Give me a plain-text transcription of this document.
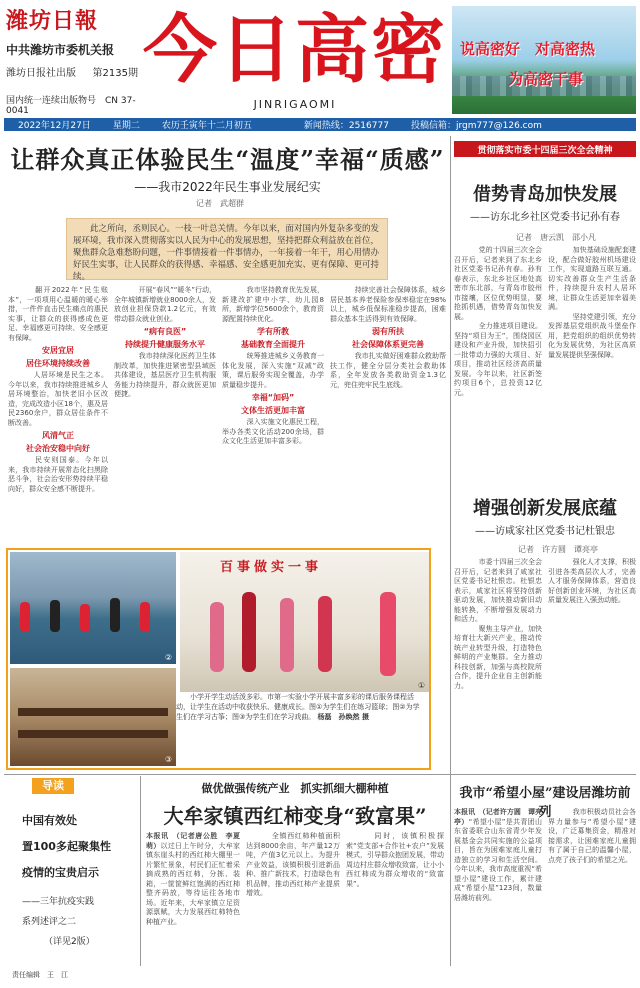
潍坊日報
中共潍坊市委机关报
潍坊日报社出版 第2135期
国内统一连续出版物号　CN 37-0041
今日高密
JINRIGAOMI
说高密好　对高密热
为高密干事
2022年12月27日 星期二 农历壬寅年十二月初五	新闻热线：2516777 投稿信箱：jrgm777@126.com
让群众真正体验民生“温度”幸福“质感”
——我市2022年民生事业发展纪实
记者　武超群
　　此之所向，丞则民心。一枝一叶总关情。今年以来，面对国内外复杂多变的发展环境，我市深入贯彻落实以人民为中心的发展思想，坚持把群众利益放在首位，聚焦群众急难愁盼问题，一件事情接着一件事情办，一年接着一年干，用心用情办好民生实事，让人民群众的获得感、幸福感、安全感更加充实、更有保障、更可持续。

　　翻开2022年“民生账本”，一项项用心温暖的暖心举措，一件件直击民生痛点的惠民实事，让群众的获得感成色更足、幸福感更可持续、安全感更有保障。

安居宜居
居住环境持续改善

　　人居环境是民生之本。今年以来，我市持续推进城乡人居环境整治，加快老旧小区改造，完成改造小区18个，惠及居民2360余户，群众居住条件不断改善。

风清气正
社会治安稳中向好

　　民安则国泰。今年以来，我市持续开展常态化扫黑除恶斗争，社会治安形势持续平稳向好，群众安全感不断提升。

　　开展“春风”“暖冬”行动，全年城镇新增就业8000余人，发放创业担保贷款1.2亿元，有效带动群众就业创业。

“病有良医”
持续提升健康服务水平

　　我市持续深化医药卫生体制改革，加快推进紧密型县域医共体建设，基层医疗卫生机构服务能力持续提升，群众就医更加便捷。

　　我市坚持教育优先发展，新建改扩建中小学、幼儿园8所，新增学位5600余个，教育资源配置持续优化。

学有所教
基础教育全面提升

　　统筹推进城乡义务教育一体化发展，深入实施“双减”政策，课后服务实现全覆盖，办学质量稳步提升。

幸福“加码”
文体生活更加丰富

　　深入实施文化惠民工程，举办各类文化活动200余场，群众文化生活更加丰富多彩。

　　持续完善社会保障体系，城乡居民基本养老保险参保率稳定在98%以上，城乡低保标准稳步提高，困难群众基本生活得到有效保障。

弱有所扶
社会保障体系更完善

　　我市扎实做好困难群众救助帮扶工作，健全分层分类社会救助体系，全年发放各类救助资金1.3亿元，兜住兜牢民生底线。

②
③
百事做实一事
①
　　小学开学生动活泼多彩。市第一实验小学开展丰富多彩的课后服务课程活动，让学生在活动中收获快乐、健康成长。图①为学生们在练习篮球；图②为学生们在学习古筝；图③为学生们在学习戏曲。 杨磊　孙焕然 摄
贯彻落实市委十四届三次全会精神
借势青岛加快发展
——访东北乡社区党委书记孙有春
记者　唐云凯　邵小凡

　　党的十四届三次全会召开后，记者来到了东北乡社区党委书记孙有春。孙有春表示，东北乡社区地处高密市东北部，与青岛市胶州市接壤，区位优势明显，要抢抓机遇，借势青岛加快发展。

　　全力推进项目建设。坚持“项目为王”，围绕园区建设和产业升级，加快招引一批带动力强的大项目、好项目，推动社区经济高质量发展。今年以来，社区新签约项目6个，总投资12亿元。

　　加快基础设施配套建设，配合做好胶州机场建设工作，实现道路互联互通。切实改善群众生产生活条件，持续提升农村人居环境，让群众生活更加幸福美满。

　　坚持党建引领，充分发挥基层党组织战斗堡垒作用，把党组织的组织优势转化为发展优势，为社区高质量发展提供坚强保障。

增强创新发展底蕴
——访咸家社区党委书记杜银忠
记者　许方圆　谭亮亭

　　市委十四届三次全会召开后，记者来到了咸家社区党委书记杜银忠。杜银忠表示，咸家社区将坚持创新驱动发展，加快推动新旧动能转换，不断增强发展动力和活力。

　　聚焦主导产业，加快培育壮大新兴产业，推动传统产业转型升级，打造特色鲜明的产业集群。全力推动科技创新，加强与高校院所合作，提升企业自主创新能力。

　　强化人才支撑，积极引进各类高层次人才，完善人才服务保障体系，营造良好创新创业环境，为社区高质量发展注入强劲动能。

导读
中国有效处
置100多起聚集性
疫情的宝贵启示
——三年抗疫实践
系列述评之二
（详见2版）
做优做强传统产业　抓实抓细大棚种植
大牟家镇西红柿变身“致富果”

本报讯　（记者唐公胜　李夏萌）以过日上午时分，大牟家镇东崖头村的西红柿大棚里一片繁忙景象，村民们正忙着采摘成熟的西红柿，分拣、装箱，一筐筐鲜红饱满的西红柿整齐码放，等待运往各地市场。近年来，大牟家镇立足资源禀赋，大力发展西红柿特色种植产业。

　　全镇西红柿种植面积达到8000余亩，年产量12万吨，产值3亿元以上。为提升产业效益，该镇积极引进新品种、推广新技术，打造绿色有机品牌，推动西红柿产业提质增效。

　　同时，该镇积极探索“党支部+合作社+农户”发展模式，引导群众抱团发展，带动周边村庄群众增收致富，让小小西红柿成为群众增收的“致富果”。

我市“希望小屋”建设居潍坊前列

本报讯　（记者许方圆　谭亮亭）“希望小屋”是共青团山东省委联合山东省青少年发展基金会共同实施的公益项目，旨在为困难家庭儿童打造独立的学习和生活空间。今年以来，我市高度重视“希望小屋”建设工作，累计建成“希望小屋”123间，数量居潍坊前列。

　　我市积极动员社会各界力量参与“希望小屋”建设，广泛募集资金，精准对接需求，让困难家庭儿童拥有了属于自己的温馨小屋，点亮了孩子们的希望之光。

责任编辑　王　江
